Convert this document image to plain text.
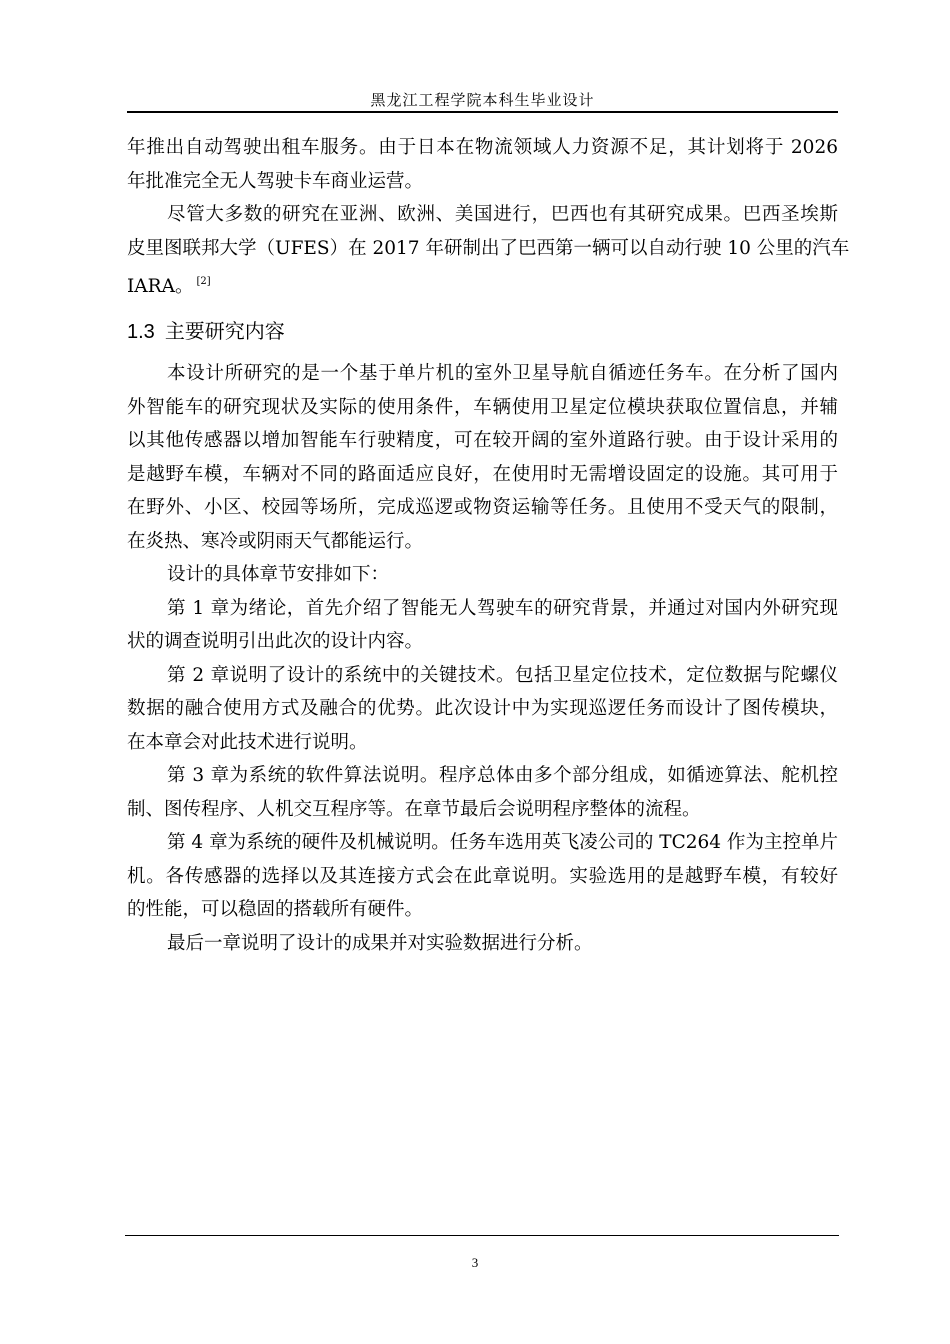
黑龙江工程学院本科生毕业设计
年推出自动驾驶出租车服务。由于日本在物流领域人力资源不足，其计划将于 2026
年批准完全无人驾驶卡车商业运营。
尽管大多数的研究在亚洲、欧洲、美国进行，巴西也有其研究成果。巴西圣埃斯
皮里图联邦大学（UFES）在 2017 年研制出了巴西第一辆可以自动行驶 10 公里的汽车
IARA。 [2]
1.3 主要研究内容
本设计所研究的是一个基于单片机的室外卫星导航自循迹任务车。在分析了国内
外智能车的研究现状及实际的使用条件，车辆使用卫星定位模块获取位置信息，并辅
以其他传感器以增加智能车行驶精度，可在较开阔的室外道路行驶。由于设计采用的
是越野车模，车辆对不同的路面适应良好，在使用时无需增设固定的设施。其可用于
在野外、小区、校园等场所，完成巡逻或物资运输等任务。且使用不受天气的限制，
在炎热、寒冷或阴雨天气都能运行。
设计的具体章节安排如下：
第 1 章为绪论，首先介绍了智能无人驾驶车的研究背景，并通过对国内外研究现
状的调查说明引出此次的设计内容。
第 2 章说明了设计的系统中的关键技术。包括卫星定位技术，定位数据与陀螺仪
数据的融合使用方式及融合的优势。此次设计中为实现巡逻任务而设计了图传模块，
在本章会对此技术进行说明。
第 3 章为系统的软件算法说明。程序总体由多个部分组成，如循迹算法、舵机控
制、图传程序、人机交互程序等。在章节最后会说明程序整体的流程。
第 4 章为系统的硬件及机械说明。任务车选用英飞凌公司的 TC264 作为主控单片
机。各传感器的选择以及其连接方式会在此章说明。实验选用的是越野车模，有较好
的性能，可以稳固的搭载所有硬件。
最后一章说明了设计的成果并对实验数据进行分析。
3
